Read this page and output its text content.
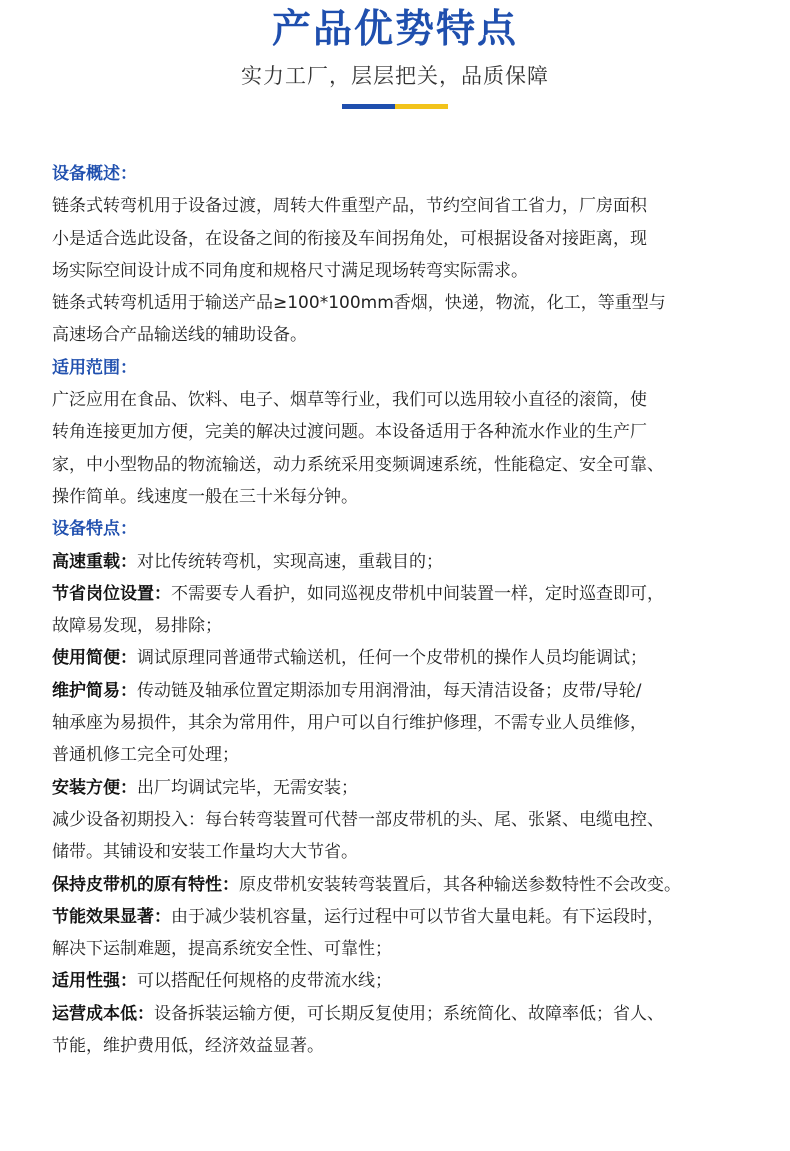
产品优势特点
实力工厂，层层把关，品质保障
设备概述：
链条式转弯机用于设备过渡，周转大件重型产品，节约空间省工省力，厂房面积
小是适合选此设备，在设备之间的衔接及车间拐角处，可根据设备对接距离，现
场实际空间设计成不同角度和规格尺寸满足现场转弯实际需求。
链条式转弯机适用于输送产品≥100*100mm香烟，快递，物流，化工，等重型与
高速场合产品输送线的辅助设备。
适用范围：
广泛应用在食品、饮料、电子、烟草等行业，我们可以选用较小直径的滚筒，使
转角连接更加方便，完美的解决过渡问题。本设备适用于各种流水作业的生产厂
家，中小型物品的物流输送，动力系统采用变频调速系统，性能稳定、安全可靠、
操作简单。线速度一般在三十米每分钟。
设备特点：
高速重载：对比传统转弯机，实现高速，重载目的；
节省岗位设置：不需要专人看护，如同巡视皮带机中间装置一样，定时巡查即可，
故障易发现，易排除；
使用简便：调试原理同普通带式输送机，任何一个皮带机的操作人员均能调试；
维护简易：传动链及轴承位置定期添加专用润滑油，每天清洁设备；皮带/导轮/
轴承座为易损件，其余为常用件，用户可以自行维护修理，不需专业人员维修，
普通机修工完全可处理；
安装方便：出厂均调试完毕，无需安装；
减少设备初期投入：每台转弯装置可代替一部皮带机的头、尾、张紧、电缆电控、
储带。其铺设和安装工作量均大大节省。
保持皮带机的原有特性：原皮带机安装转弯装置后，其各种输送参数特性不会改变。
节能效果显著：由于减少装机容量，运行过程中可以节省大量电耗。有下运段时，
解决下运制难题，提高系统安全性、可靠性；
适用性强：可以搭配任何规格的皮带流水线；
运营成本低：设备拆装运输方便，可长期反复使用；系统简化、故障率低；省人、
节能，维护费用低，经济效益显著。
